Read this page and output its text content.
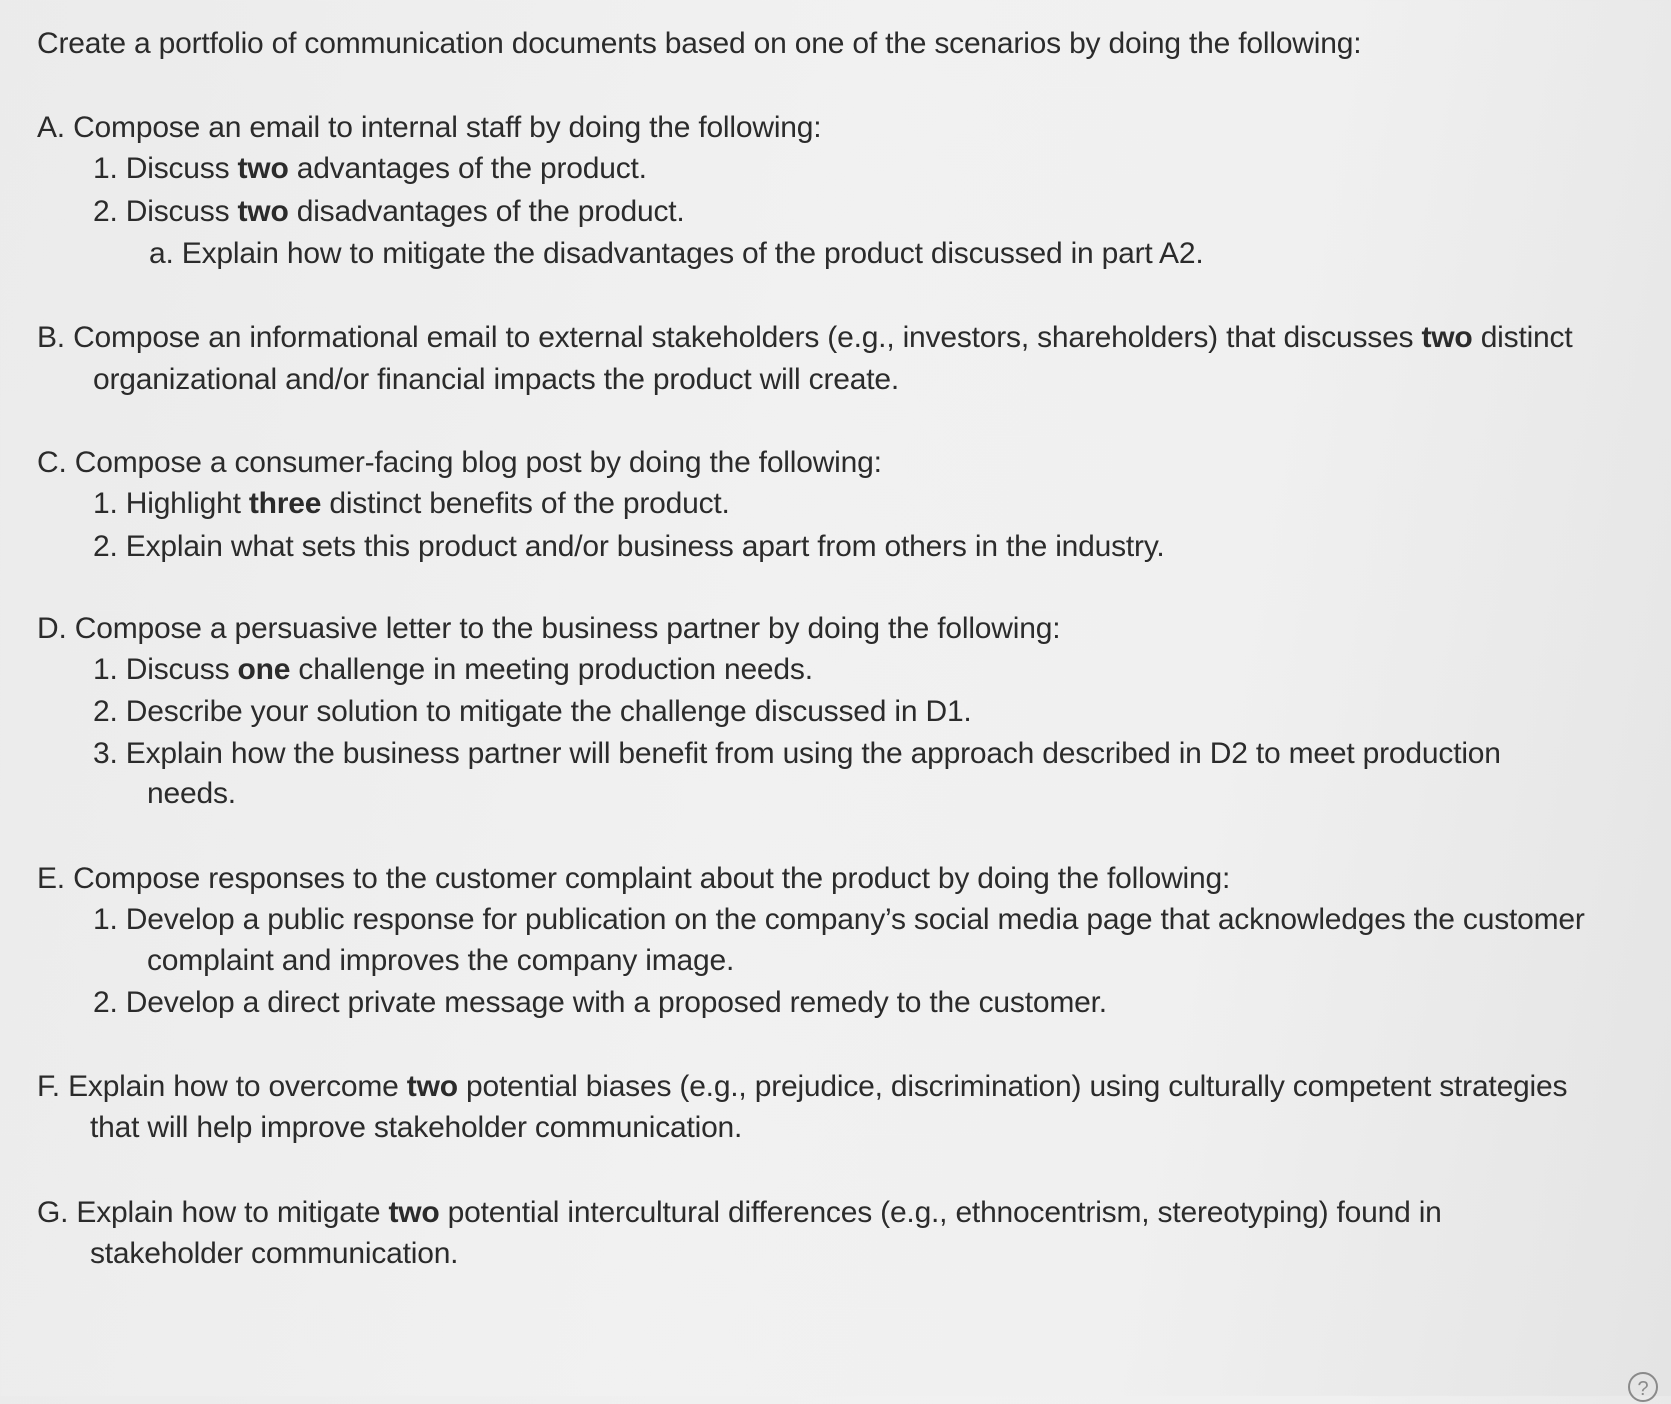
Create a portfolio of communication documents based on one of the scenarios by doing the following:
A. Compose an email to internal staff by doing the following:
1. Discuss two advantages of the product.
2. Discuss two disadvantages of the product.
a. Explain how to mitigate the disadvantages of the product discussed in part A2.
B. Compose an informational email to external stakeholders (e.g., investors, shareholders) that discusses two distinct
organizational and/or financial impacts the product will create.
C. Compose a consumer-facing blog post by doing the following:
1. Highlight three distinct benefits of the product.
2. Explain what sets this product and/or business apart from others in the industry.
D. Compose a persuasive letter to the business partner by doing the following:
1. Discuss one challenge in meeting production needs.
2. Describe your solution to mitigate the challenge discussed in D1.
3. Explain how the business partner will benefit from using the approach described in D2 to meet production
needs.
E. Compose responses to the customer complaint about the product by doing the following:
1. Develop a public response for publication on the company’s social media page that acknowledges the customer
complaint and improves the company image.
2. Develop a direct private message with a proposed remedy to the customer.
F. Explain how to overcome two potential biases (e.g., prejudice, discrimination) using culturally competent strategies
that will help improve stakeholder communication.
G. Explain how to mitigate two potential intercultural differences (e.g., ethnocentrism, stereotyping) found in
stakeholder communication.
?
